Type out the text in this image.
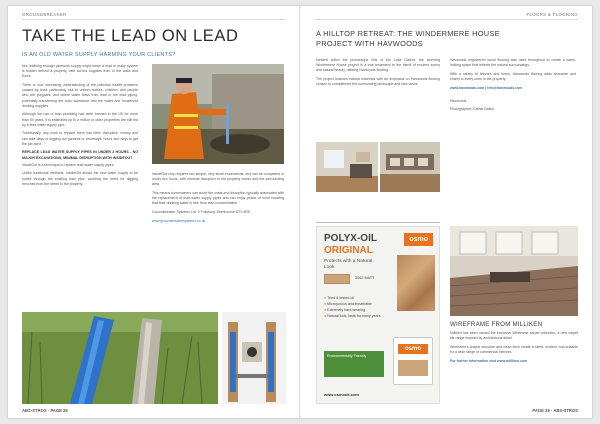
GROUNDBREAKER
TAKE THE LEAD ON LEAD
IS AN OLD WATER SUPPLY HARMING YOUR CLIENTS?

Not realising enough pipework supply might mean a lead or leaky system is hidden behind a property, with ad-hoc supplies from in the walls and floors.

There is now increasing understanding of the potential health problems caused by lead, particularly risk to unborn babies, children, and people who are pregnant, and where water flows from lead or the lead piping, potentially transferring the toxic substance into the water and household drinking supplies.

Although the use of lead plumbing has been banned in the UK for more than 50 years, it is estimated up to a million or older properties are still fed by a lead water supply pipe.

Traditionally, any work to replace them has been disruptive, messy and can take days of digging out gardens or driveways, hours and days to get the job done.

REPLACE LEAD WATER SUPPLY PIPES IN UNDER 2 HOURS - NO MAJOR EXCAVATIONS, MINIMAL DISRUPTION WITH INSIDEOUT

InsideOut is a technique to replace lead water supply pipes.

Unlike traditional methods, InsideOut allows the new water supply to be pulled through the existing lead pipe, avoiding the need for digging trenches from the street to the property.

InsideOut only requires two simple, very small excavations, and can be completed in under two hours, with minimal disruption to the property owner and the surrounding area.

This means homeowners can avoid the costs and disruption typically associated with the replacement of lead water supply pipes and can enjoy peace of mind knowing that their drinking water is free from lead contamination.

Groundbreaker Systems Ltd, 3 Follybury, Sherbourne DT9 4RE

www.groundbreakersystems.co.uk

ABS-STROS · PAGE 26
FLOORS & FLOORING
A HILLTOP RETREAT: THE WINDERMERE HOUSE PROJECT WITH HAVWOODS

Nestled within the picturesque hills of the Lake District, the stunning Windermere House project is a true testament to the blend of modern luxury and natural beauty, utilising Havwoods flooring.

The project features natural materials with an emphasis on Havwoods flooring chosen to complement the surrounding landscape and lake views.

Havwoods engineered wood flooring was used throughout to create a warm, inviting space that reflects the natural surroundings.

With a variety of finishes and tones, Havwoods flooring adds character and charm to every room in the property.

www.havwoods.com | info@havwoods.com

Havwoods

Photographer: Cathal Dalton

POLYX-OIL
ORIGINAL
Protects with a Natural Look
3062 MATT
osmo
● Tried & tested oil
● Microporous and breathable
● Extremely hard-wearing
● Natural look, lasts for many years
Environmentally Friendly
osmo
www.osmouk.com
WIREFRAME FROM MILLIKEN

Milliken has been named the exclusive Wireframe carpet collection, a new carpet tile range inspired by architectural detail.

Wireframe's unique structure and clean lines create a sleek, modern look suitable for a wide range of commercial interiors.

For further information visit www.milliken.com

PAGE 25 · ABS-STROS
